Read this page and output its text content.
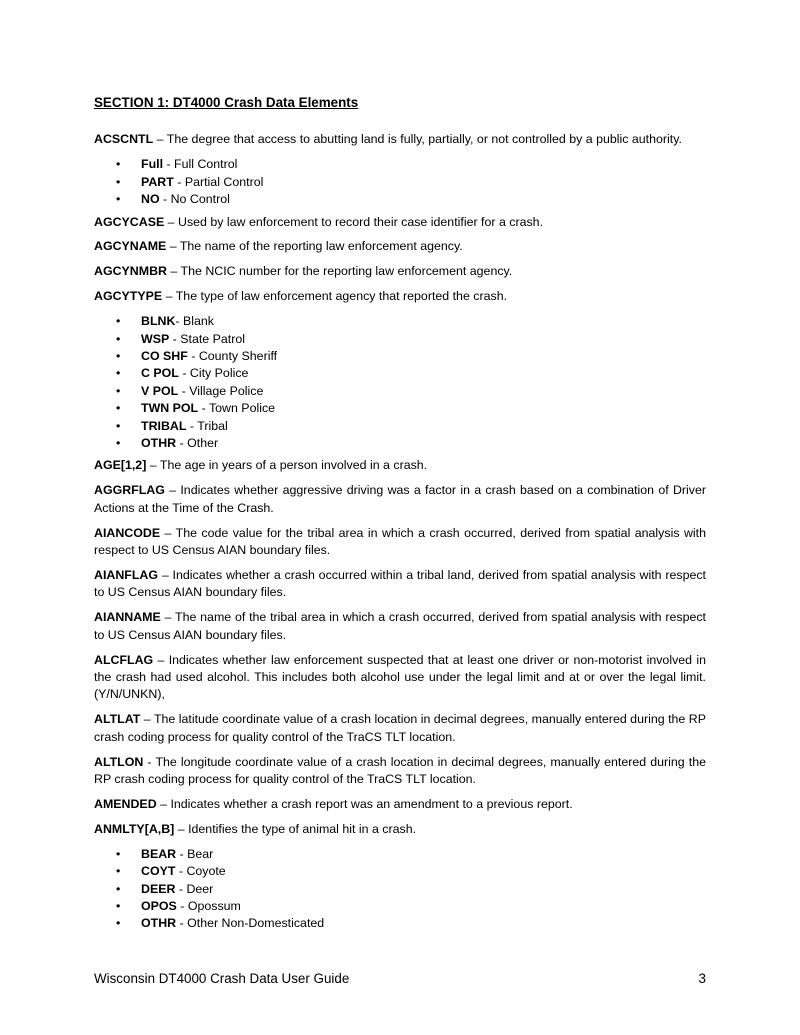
SECTION 1: DT4000 Crash Data Elements

ACSCNTL – The degree that access to abutting land is fully, partially, or not controlled by a public authority.

• Full - Full Control
• PART - Partial Control
• NO - No Control

AGCYCASE – Used by law enforcement to record their case identifier for a crash.

AGCYNAME – The name of the reporting law enforcement agency.

AGCYNMBR – The NCIC number for the reporting law enforcement agency.

AGCYTYPE – The type of law enforcement agency that reported the crash.

• BLNK- Blank
• WSP - State Patrol
• CO SHF - County Sheriff
• C POL - City Police
• V POL - Village Police
• TWN POL - Town Police
• TRIBAL - Tribal
• OTHR - Other

AGE[1,2] – The age in years of a person involved in a crash.

AGGRFLAG – Indicates whether aggressive driving was a factor in a crash based on a combination of Driver Actions at the Time of the Crash.

AIANCODE – The code value for the tribal area in which a crash occurred, derived from spatial analysis with respect to US Census AIAN boundary files.

AIANFLAG – Indicates whether a crash occurred within a tribal land, derived from spatial analysis with respect to US Census AIAN boundary files.

AIANNAME – The name of the tribal area in which a crash occurred, derived from spatial analysis with respect to US Census AIAN boundary files.

ALCFLAG – Indicates whether law enforcement suspected that at least one driver or non-motorist involved in the crash had used alcohol. This includes both alcohol use under the legal limit and at or over the legal limit. (Y/N/UNKN),

ALTLAT – The latitude coordinate value of a crash location in decimal degrees, manually entered during the RP crash coding process for quality control of the TraCS TLT location.

ALTLON - The longitude coordinate value of a crash location in decimal degrees, manually entered during the RP crash coding process for quality control of the TraCS TLT location.

AMENDED – Indicates whether a crash report was an amendment to a previous report.

ANMLTY[A,B] – Identifies the type of animal hit in a crash.

• BEAR - Bear
• COYT - Coyote
• DEER - Deer
• OPOS - Opossum
• OTHR - Other Non-Domesticated
Wisconsin DT4000 Crash Data User Guide	3
